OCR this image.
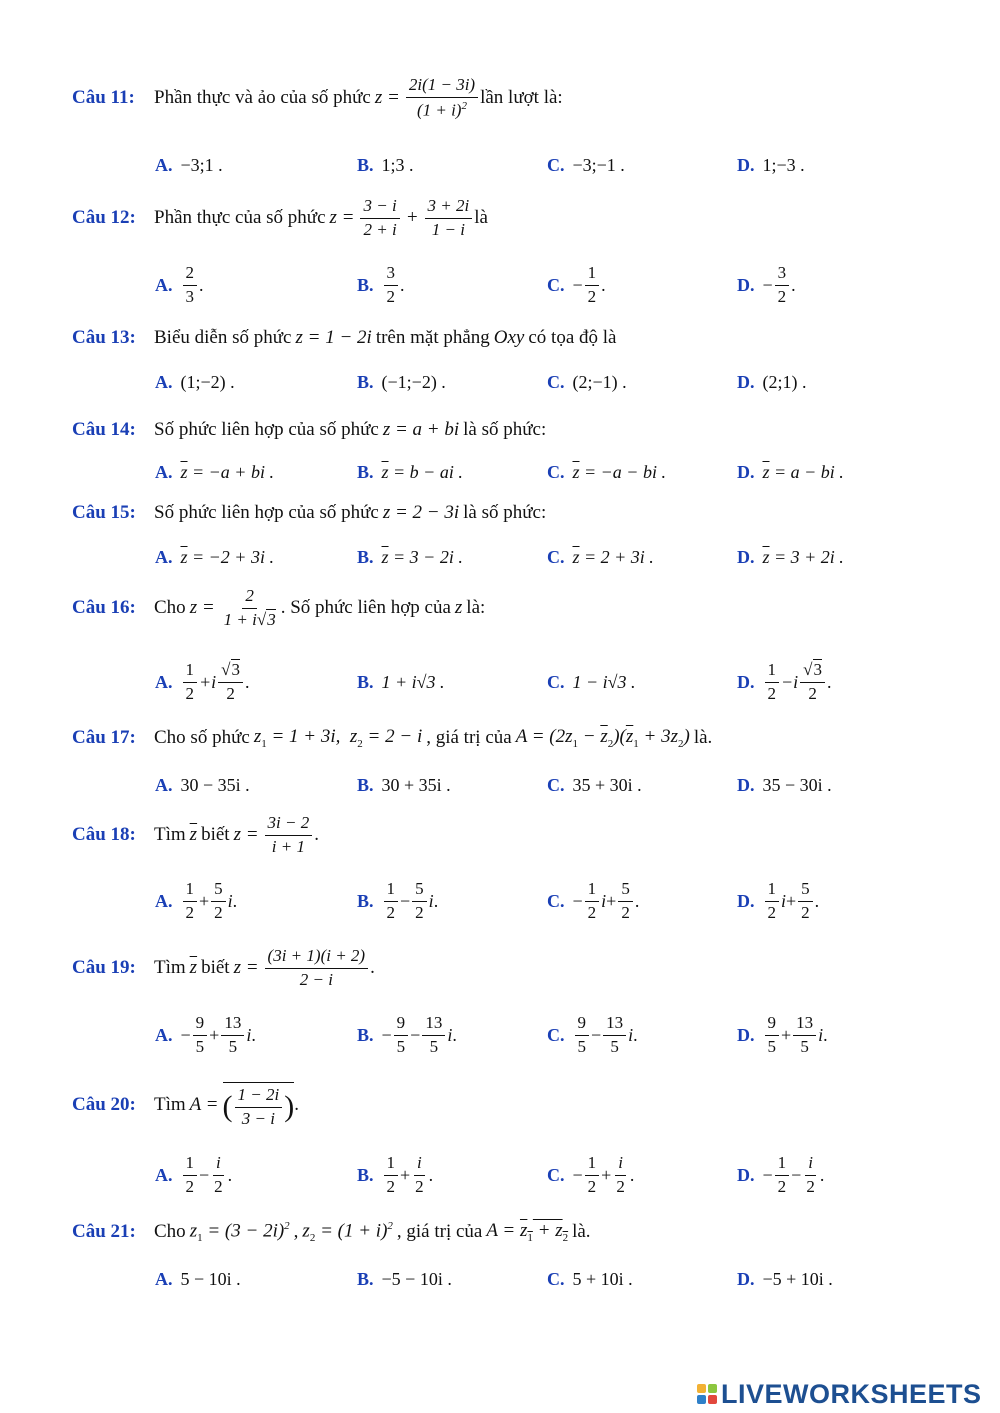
Câu 11:	Phần thực và ảo của số phức $z = \frac{2i(1 - 3i)}{(1 + i)^2}$ lần lượt là:
A. −3;1 .	B. 1;3 .	C. −3;−1 .	D. 1;−3 .
Câu 12: Phần thực của số phức $z = \frac{3 - i}{2 + i} + \frac{3 + 2i}{1 - i}$ là
A. $\frac{2}{3}$ .	B. $\frac{3}{2}$ .	C. − $\frac{1}{2}$ .	D. − $\frac{3}{2}$ .
Câu 13: Biểu diễn số phức z = 1 − 2i trên mặt phẳng Oxy có tọa độ là
A. (1;−2) .	B. (−1;−2) .	C. (2;−1) .	D. (2;1) .
Câu 14: Số phức liên hợp của số phức z = a + bi là số phức:
A. $\overline{z}$
= −a + bi .	B. $\overline{z}$
= b − ai .	C. $\overline{z}$
= −a − bi .	D. $\overline{z}$
= a − bi .
Câu 15: Số phức liên hợp của số phức z = 2 − 3i là số phức:
A. $\overline{z}$
= −2 + 3i .	B. $\overline{z}$
= 3 − 2i .	C. $\overline{z}$
= 2 + 3i .	D. $\overline{z}$
= 3 + 2i .
Câu 16: Cho $z = \frac{2}{1 + i√3}$ . Số phức liên hợp của z là:
A. $\frac{1}{2} +i \frac{√3}{2}$ .	B. 1 + i√3 .	C. 1 − i√3 .	D. $\frac{1}{2} -i \frac{√3}{2}$ .
Câu 17: Cho số phức $z_1 = 1 + 3i$,  $z_2 = 2 - i$ , giá trị của $A = (2z_1 - \overline{z}_2)(\overline{z}_1 + 3z_2)$ là.
A. 30 − 35i .	B. 30 + 35i .	C. 35 + 30i .	D. 35 − 30i .
Câu 18: Tìm $\overline{z}$ biết $z = \frac{3i - 2}{i + 1}$ .
A. $\frac{1}{2} + \frac{5}{2}$ i .	B. $\frac{1}{2} - \frac{5}{2}$ i .	C. − $\frac{1}{2}$ $i + \frac{5}{2}$ .	D. $\frac{1}{2}$ $i + \frac{5}{2}$ .
Câu 19: Tìm $\overline{z}$ biết $z = \frac{(3i + 1)(i + 2)}{2 - i}$ .
A. − $\frac{9}{5} + \frac{13}{5}$ i .	B. − $\frac{9}{5} - \frac{13}{5}$ i .	C. $\frac{9}{5} - \frac{13}{5}$ i .	D. $\frac{9}{5} + \frac{13}{5}$ i .
Câu 20: Tìm A = ( $\frac{1 - 2i}{3 - i}$ ) .
A. $\frac{1}{2} - \frac{i}{2}$ .	B. $\frac{1}{2} + \frac{i}{2}$ .	C. − $\frac{1}{2} + \frac{i}{2}$ .	D. − $\frac{1}{2} - \frac{i}{2}$ .
Câu 21: Cho $z_1 = (3 - 2i)^2$ , $z_2 = (1 + i)^2$ , giá trị của $A = z_1 + z_2$ là.
A. 5 − 10i .	B. −5 − 10i .	C. 5 + 10i .	D. −5 + 10i .
LIVEWORKSHEETS
